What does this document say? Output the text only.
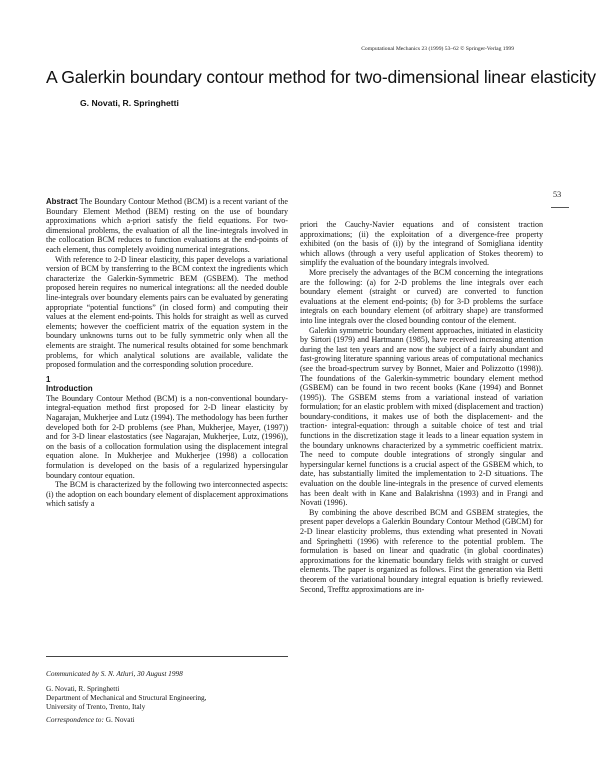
Computational Mechanics 23 (1999) 53–62 © Springer-Verlag 1999
A Galerkin boundary contour method for two-dimensional linear elasticity
G. Novati, R. Springhetti
53

Abstract The Boundary Contour Method (BCM) is a recent variant of the Boundary Element Method (BEM) resting on the use of boundary approximations which a-priori satisfy the field equations. For two-dimensional problems, the evaluation of all the line-integrals involved in the collocation BCM reduces to function evaluations at the end-points of each element, thus completely avoiding numerical integrations.

With reference to 2-D linear elasticity, this paper develops a variational version of BCM by transferring to the BCM context the ingredients which characterize the Galerkin-Symmetric BEM (GSBEM). The method proposed herein requires no numerical integrations: all the needed double line-integrals over boundary elements pairs can be evaluated by generating appropriate “potential functions” (in closed form) and computing their values at the element end-points. This holds for straight as well as curved elements; however the coefficient matrix of the equation system in the boundary unknowns turns out to be fully symmetric only when all the elements are straight. The numerical results obtained for some benchmark problems, for which analytical solutions are available, validate the proposed formulation and the corresponding solution procedure.

1

Introduction

The Boundary Contour Method (BCM) is a non-conventional boundary-integral-equation method first proposed for 2-D linear elasticity by Nagarajan, Mukherjee and Lutz (1994). The methodology has been further developed both for 2-D problems (see Phan, Mukherjee, Mayer, (1997)) and for 3-D linear elastostatics (see Nagarajan, Mukherjee, Lutz, (1996)), on the basis of a collocation formulation using the displacement integral equation alone. In Mukherjee and Mukherjee (1998) a collocation formulation is developed on the basis of a regularized hypersingular boundary contour equation.

The BCM is characterized by the following two interconnected aspects: (i) the adoption on each boundary element of displacement approximations which satisfy a

Communicated by S. N. Atluri, 30 August 1998

G. Novati, R. Springhetti

Department of Mechanical and Structural Engineering,

University of Trento, Trento, Italy

Correspondence to: G. Novati

priori the Cauchy-Navier equations and of consistent traction approximations; (ii) the exploitation of a divergence-free property exhibited (on the basis of (i)) by the integrand of Somigliana identity which allows (through a very useful application of Stokes theorem) to simplify the evaluation of the boundary integrals involved.

More precisely the advantages of the BCM concerning the integrations are the following: (a) for 2-D problems the line integrals over each boundary element (straight or curved) are converted to function evaluations at the element end-points; (b) for 3-D problems the surface integrals on each boundary element (of arbitrary shape) are transformed into line integrals over the closed bounding contour of the element.

Galerkin symmetric boundary element approaches, initiated in elasticity by Sirtori (1979) and Hartmann (1985), have received increasing attention during the last ten years and are now the subject of a fairly abundant and fast-growing literature spanning various areas of computational mechanics (see the broad-spectrum survey by Bonnet, Maier and Polizzotto (1998)). The foundations of the Galerkin-symmetric boundary element method (GSBEM) can be found in two recent books (Kane (1994) and Bonnet (1995)). The GSBEM stems from a variational instead of variation formulation; for an elastic problem with mixed (displacement and traction) boundary-conditions, it makes use of both the displacement- and the traction- integral-equation: through a suitable choice of test and trial functions in the discretization stage it leads to a linear equation system in the boundary unknowns characterized by a symmetric coefficient matrix. The need to compute double integrations of strongly singular and hypersingular kernel functions is a crucial aspect of the GSBEM which, to date, has substantially limited the implementation to 2-D situations. The evaluation on the double line-integrals in the presence of curved elements has been dealt with in Kane and Balakrishna (1993) and in Frangi and Novati (1996).

By combining the above described BCM and GSBEM strategies, the present paper develops a Galerkin Boundary Contour Method (GBCM) for 2-D linear elasticity problems, thus extending what presented in Novati and Springhetti (1996) with reference to the potential problem. The formulation is based on linear and quadratic (in global coordinates) approximations for the kinematic boundary fields with straight or curved elements. The paper is organized as follows. First the generation via Betti theorem of the variational boundary integral equation is briefly reviewed. Second, Trefftz approximations are in-
